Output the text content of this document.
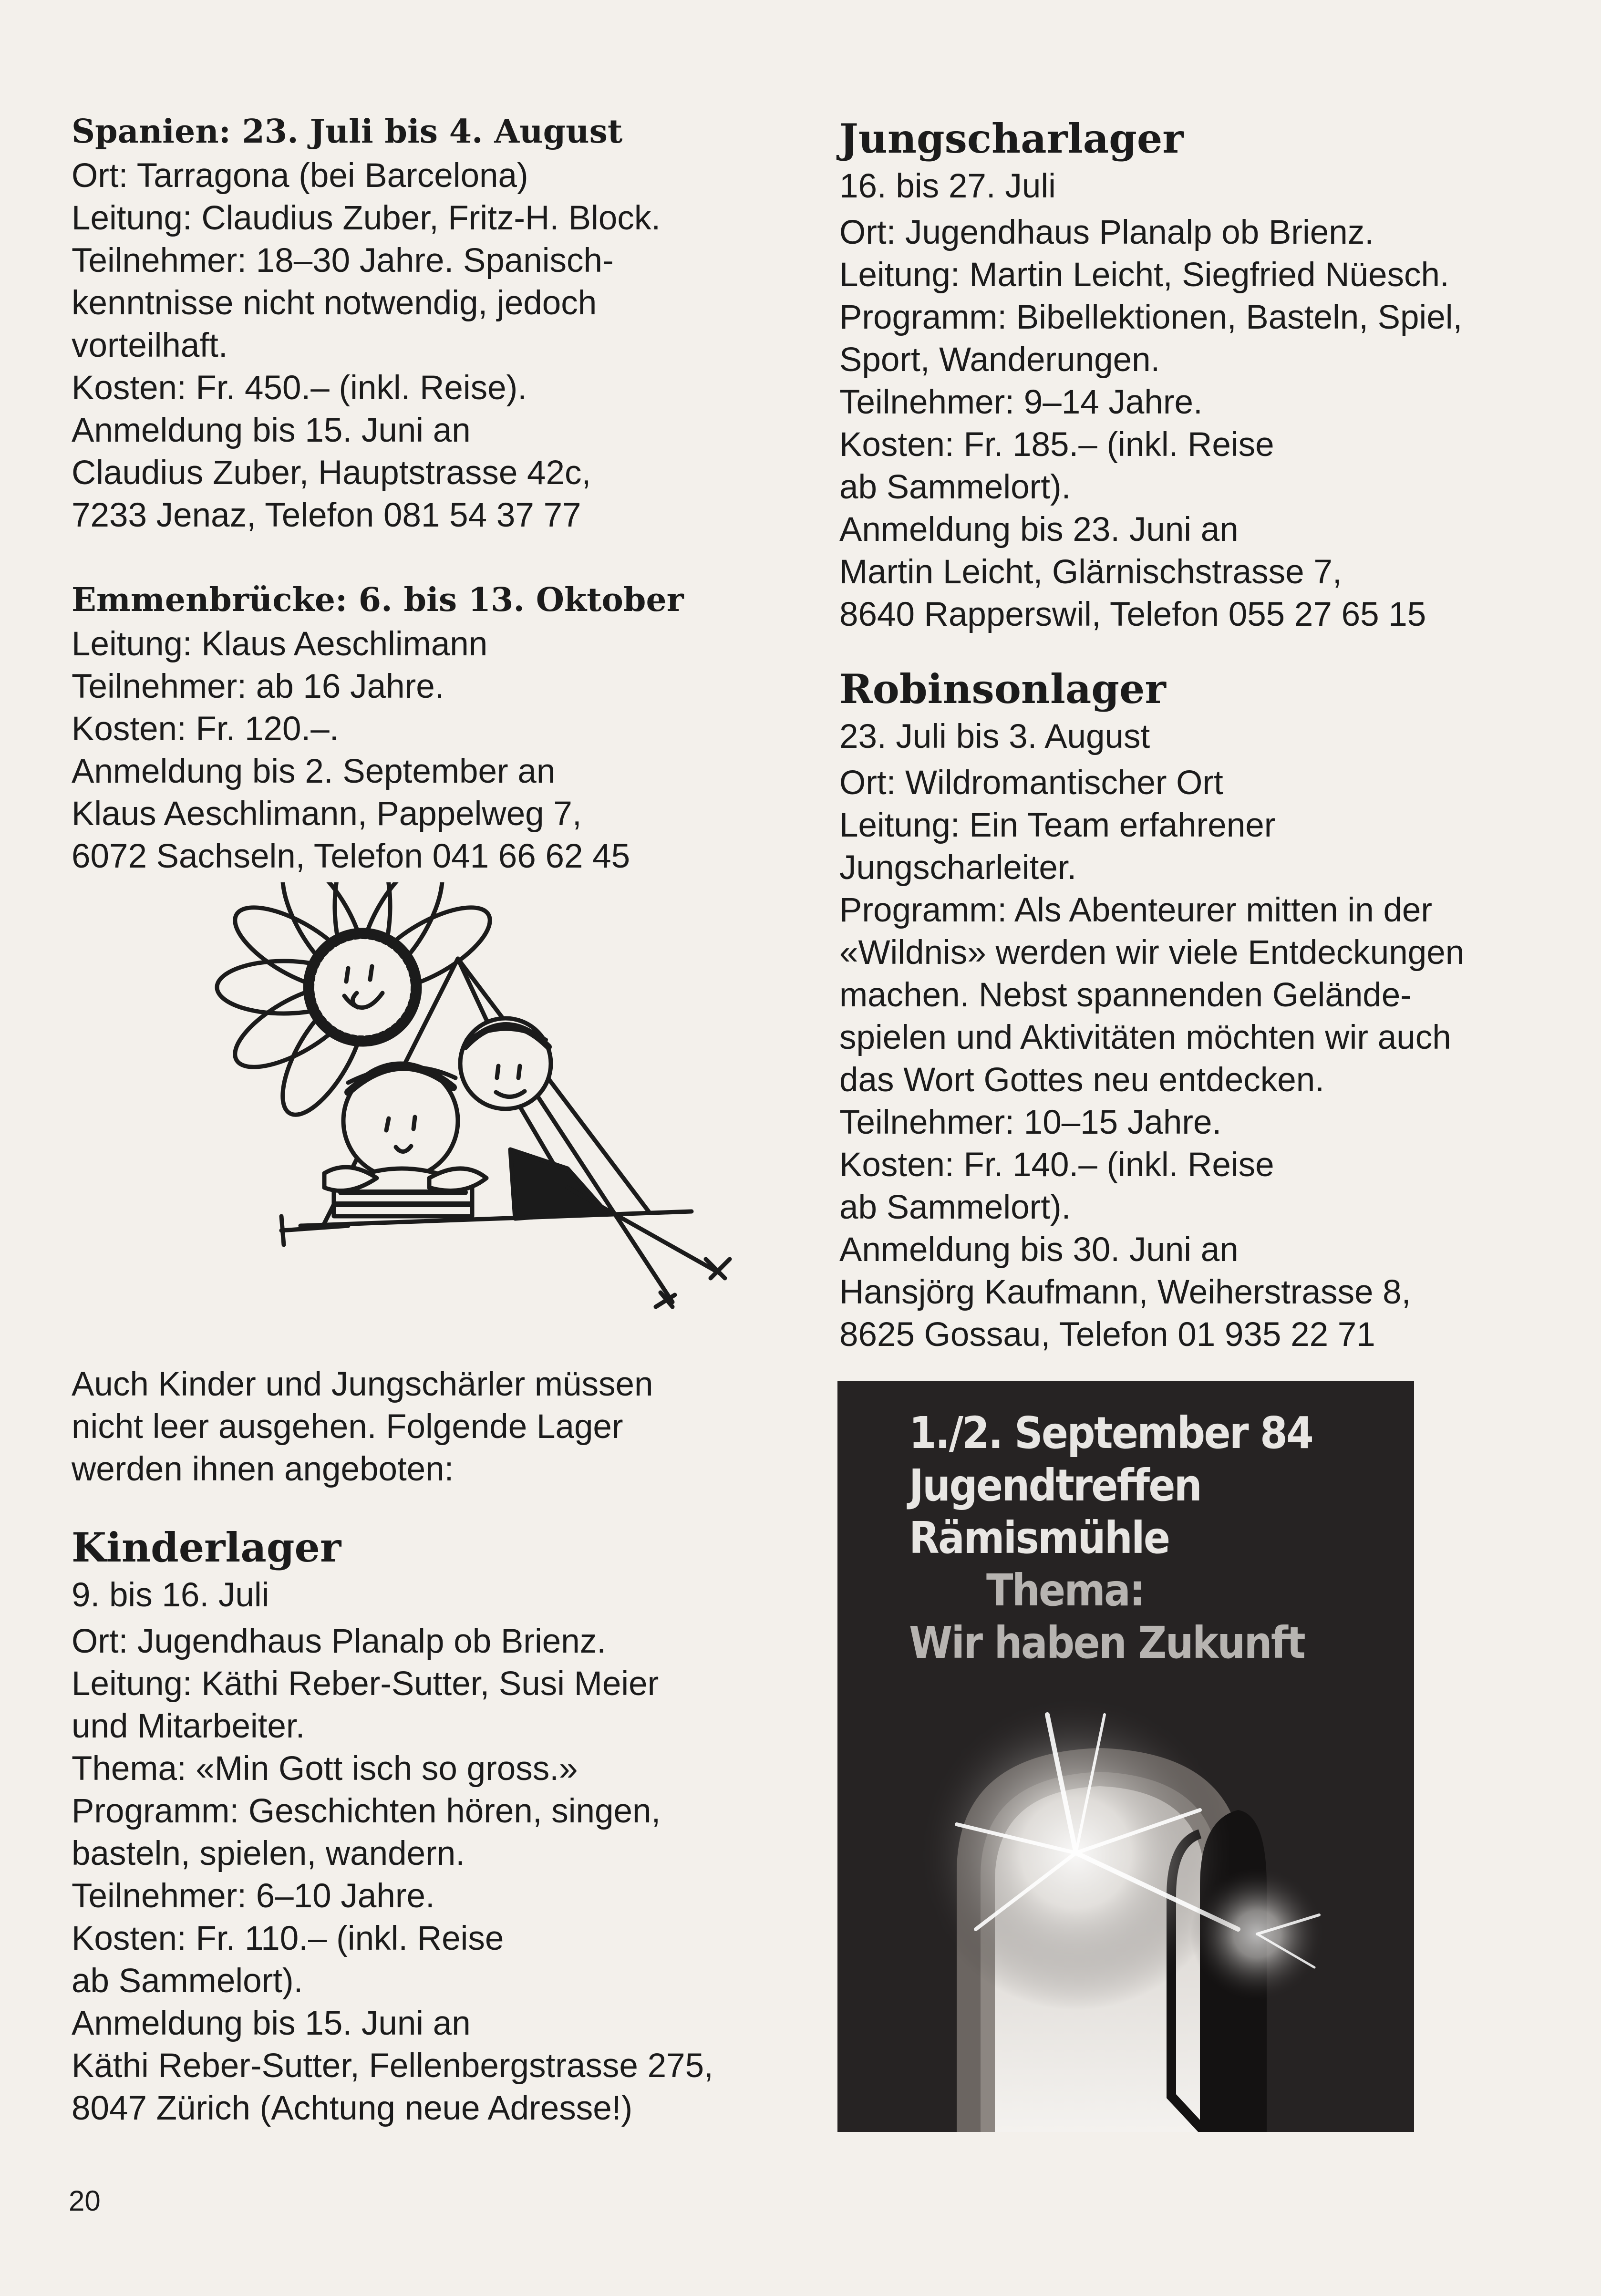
Spanien: 23. Juli bis 4. August
Ort: Tarragona (bei Barcelona)
Leitung: Claudius Zuber, Fritz-H. Block.
Teilnehmer: 18–30 Jahre. Spanisch-
kenntnisse nicht notwendig, jedoch
vorteilhaft.
Kosten: Fr. 450.– (inkl. Reise).
Anmeldung bis 15. Juni an
Claudius Zuber, Hauptstrasse 42c,
7233 Jenaz, Telefon 081 54 37 77
Emmenbrücke: 6. bis 13. Oktober
Leitung: Klaus Aeschlimann
Teilnehmer: ab 16 Jahre.
Kosten: Fr. 120.–.
Anmeldung bis 2. September an
Klaus Aeschlimann, Pappelweg 7,
6072 Sachseln, Telefon 041 66 62 45
Auch Kinder und Jungschärler müssen
nicht leer ausgehen. Folgende Lager
werden ihnen angeboten:
Kinderlager
9. bis 16. Juli
Ort: Jugendhaus Planalp ob Brienz.
Leitung: Käthi Reber-Sutter, Susi Meier
und Mitarbeiter.
Thema: «Min Gott isch so gross.»
Programm: Geschichten hören, singen,
basteln, spielen, wandern.
Teilnehmer: 6–10 Jahre.
Kosten: Fr. 110.– (inkl. Reise
ab Sammelort).
Anmeldung bis 15. Juni an
Käthi Reber-Sutter, Fellenbergstrasse 275,
8047 Zürich (Achtung neue Adresse!)
Jungscharlager
16. bis 27. Juli
Ort: Jugendhaus Planalp ob Brienz.
Leitung: Martin Leicht, Siegfried Nüesch.
Programm: Bibellektionen, Basteln, Spiel,
Sport, Wanderungen.
Teilnehmer: 9–14 Jahre.
Kosten: Fr. 185.– (inkl. Reise
ab Sammelort).
Anmeldung bis 23. Juni an
Martin Leicht, Glärnischstrasse 7,
8640 Rapperswil, Telefon 055 27 65 15
Robinsonlager
23. Juli bis 3. August
Ort: Wildromantischer Ort
Leitung: Ein Team erfahrener
Jungscharleiter.
Programm: Als Abenteurer mitten in der
«Wildnis» werden wir viele Entdeckungen
machen. Nebst spannenden Gelände-
spielen und Aktivitäten möchten wir auch
das Wort Gottes neu entdecken.
Teilnehmer: 10–15 Jahre.
Kosten: Fr. 140.– (inkl. Reise
ab Sammelort).
Anmeldung bis 30. Juni an
Hansjörg Kaufmann, Weiherstrasse 8,
8625 Gossau, Telefon 01 935 22 71
1./2. September 84
Jugendtreffen
Rämismühle
Thema:
Wir haben Zukunft
20
